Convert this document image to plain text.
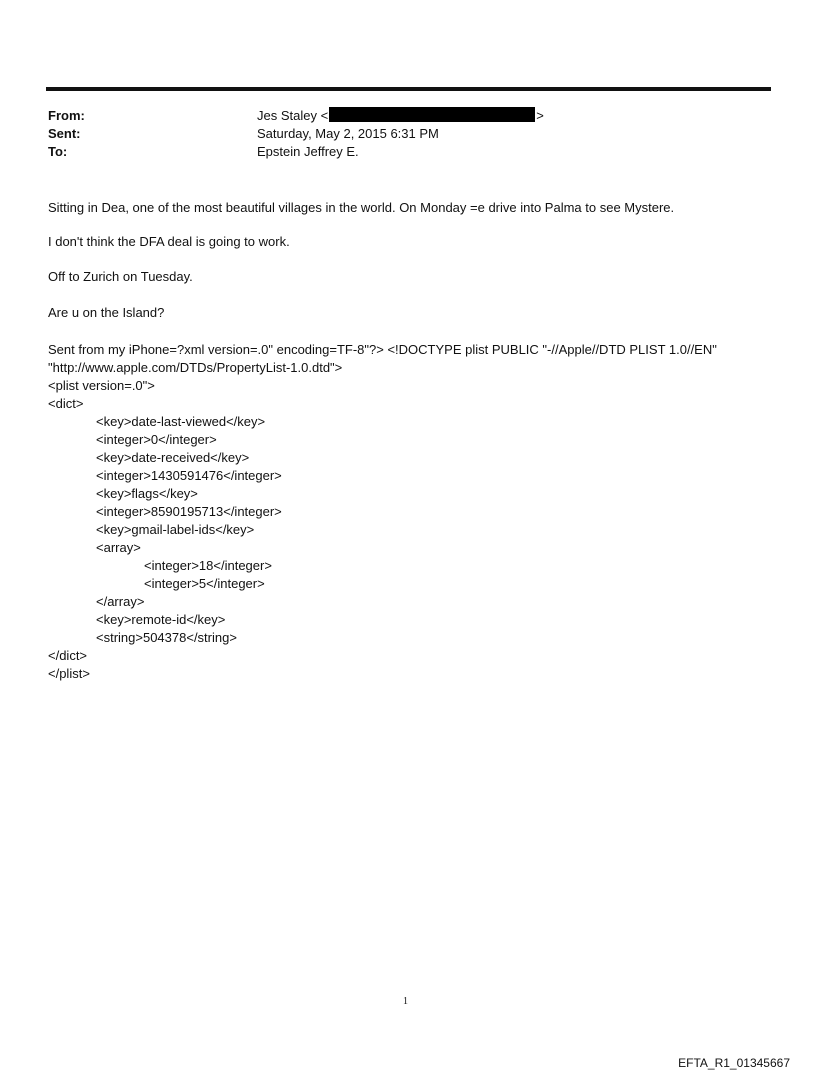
From:	Jes Staley <	>
Sent:	Saturday, May 2, 2015 6:31 PM
To:	Epstein Jeffrey E.
Sitting in Dea, one of the most beautiful villages in the world. On Monday =e drive into Palma to see Mystere.
I don't think the DFA deal is going to work.
Off to Zurich on Tuesday.
Are u on the Island?
Sent from my iPhone=?xml version=.0" encoding=TF-8"?> <!DOCTYPE plist PUBLIC "-//Apple//DTD PLIST 1.0//EN"
"http://www.apple.com/DTDs/PropertyList-1.0.dtd">
<plist version=.0">
<dict>
<key>date-last-viewed</key>
<integer>0</integer>
<key>date-received</key>
<integer>1430591476</integer>
<key>flags</key>
<integer>8590195713</integer>
<key>gmail-label-ids</key>
<array>
<integer>18</integer>
<integer>5</integer>
</array>
<key>remote-id</key>
<string>504378</string>
</dict>
</plist>
1
EFTA_R1_01345667
